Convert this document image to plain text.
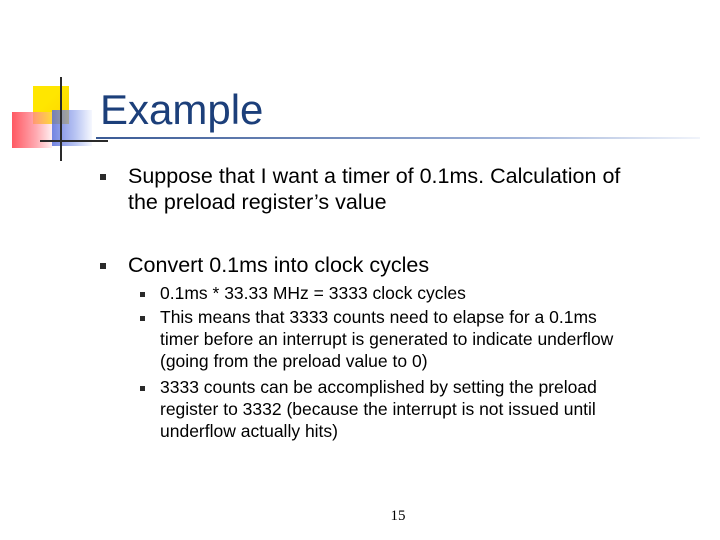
Example
Suppose that I want a timer of 0.1ms. Calculation of
the preload register’s value
Convert 0.1ms into clock cycles
0.1ms * 33.33 MHz = 3333 clock cycles
This means that 3333 counts need to elapse for a 0.1ms
timer before an interrupt is generated to indicate underflow
(going from the preload value to 0)
3333 counts can be accomplished by setting the preload
register to 3332 (because the interrupt is not issued until
underflow actually hits)
15
